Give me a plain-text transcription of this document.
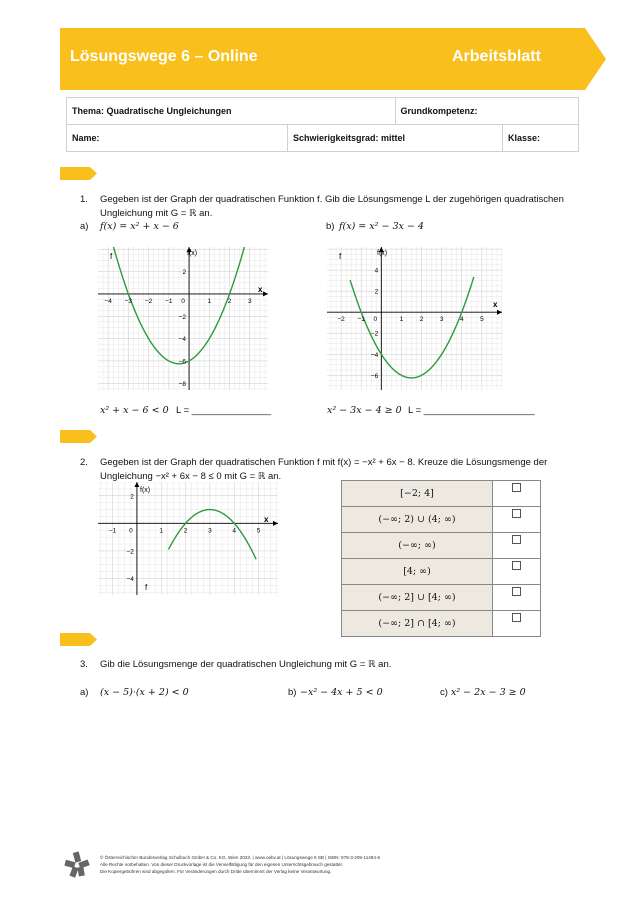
Lösungswege 6 – Online	Arbeitsblatt
Thema: Quadratische Ungleichungen		Grundkompetenz:	
Name:	Schwierigkeitsgrad: mittel		Klasse:
1. Gegeben ist der Graph der quadratischen Funktion f. Gib die Lösungsmenge L der zugehörigen quadratischen
Ungleichung mit G = ℝ an.
a) f(x) = x² + x − 6	b) f(x) = x² − 3x − 4
−4 −3 −2 −1 0	1	2	3
2
−2
−4
−6
−8
f	f(x)
x
−2 −1 0	1	2	3	4	5
4
2
−2
−4
−6
f	f(x)
x
x² + x − 6 < 0 L = _______________	x² − 3x − 4 ≥ 0 L = _____________________
2. Gegeben ist der Graph der quadratischen Funktion f mit f(x) = −x² + 6x − 8. Kreuze die Lösungsmenge der
Ungleichung −x² + 6x − 8 ≤ 0 mit G = ℝ an.
−1 0	1	2	3	4	5
2
−2
−4
f
f(x)
x
[−2; 4]	
(−∞; 2) ∪ (4; ∞)	
(−∞; ∞)	
[4; ∞)	
(−∞; 2] ∪ [4; ∞)	
(−∞; 2] ∩ [4; ∞)	
3. Gib die Lösungsmenge der quadratischen Ungleichung mit G = ℝ an.
a) (x − 5)·(x + 2) < 0	b) −x² − 4x + 5 < 0	c) x² − 2x − 3 ≥ 0
© Österreichischer Bundesverlag Schulbuch GmbH & Co. KG, Wien 2023. | www.oebv.at | Lösungswege 6 SB | ISBN: 978-3-209-11494-5
Alle Rechte vorbehalten. Von dieser Druckvorlage ist die Vervielfältigung für den eigenen Unterrichtsgebrauch gestattet.
Die Kopiergebühren sind abgegolten. Für Veränderungen durch Dritte übernimmt der Verlag keine Verantwortung.
